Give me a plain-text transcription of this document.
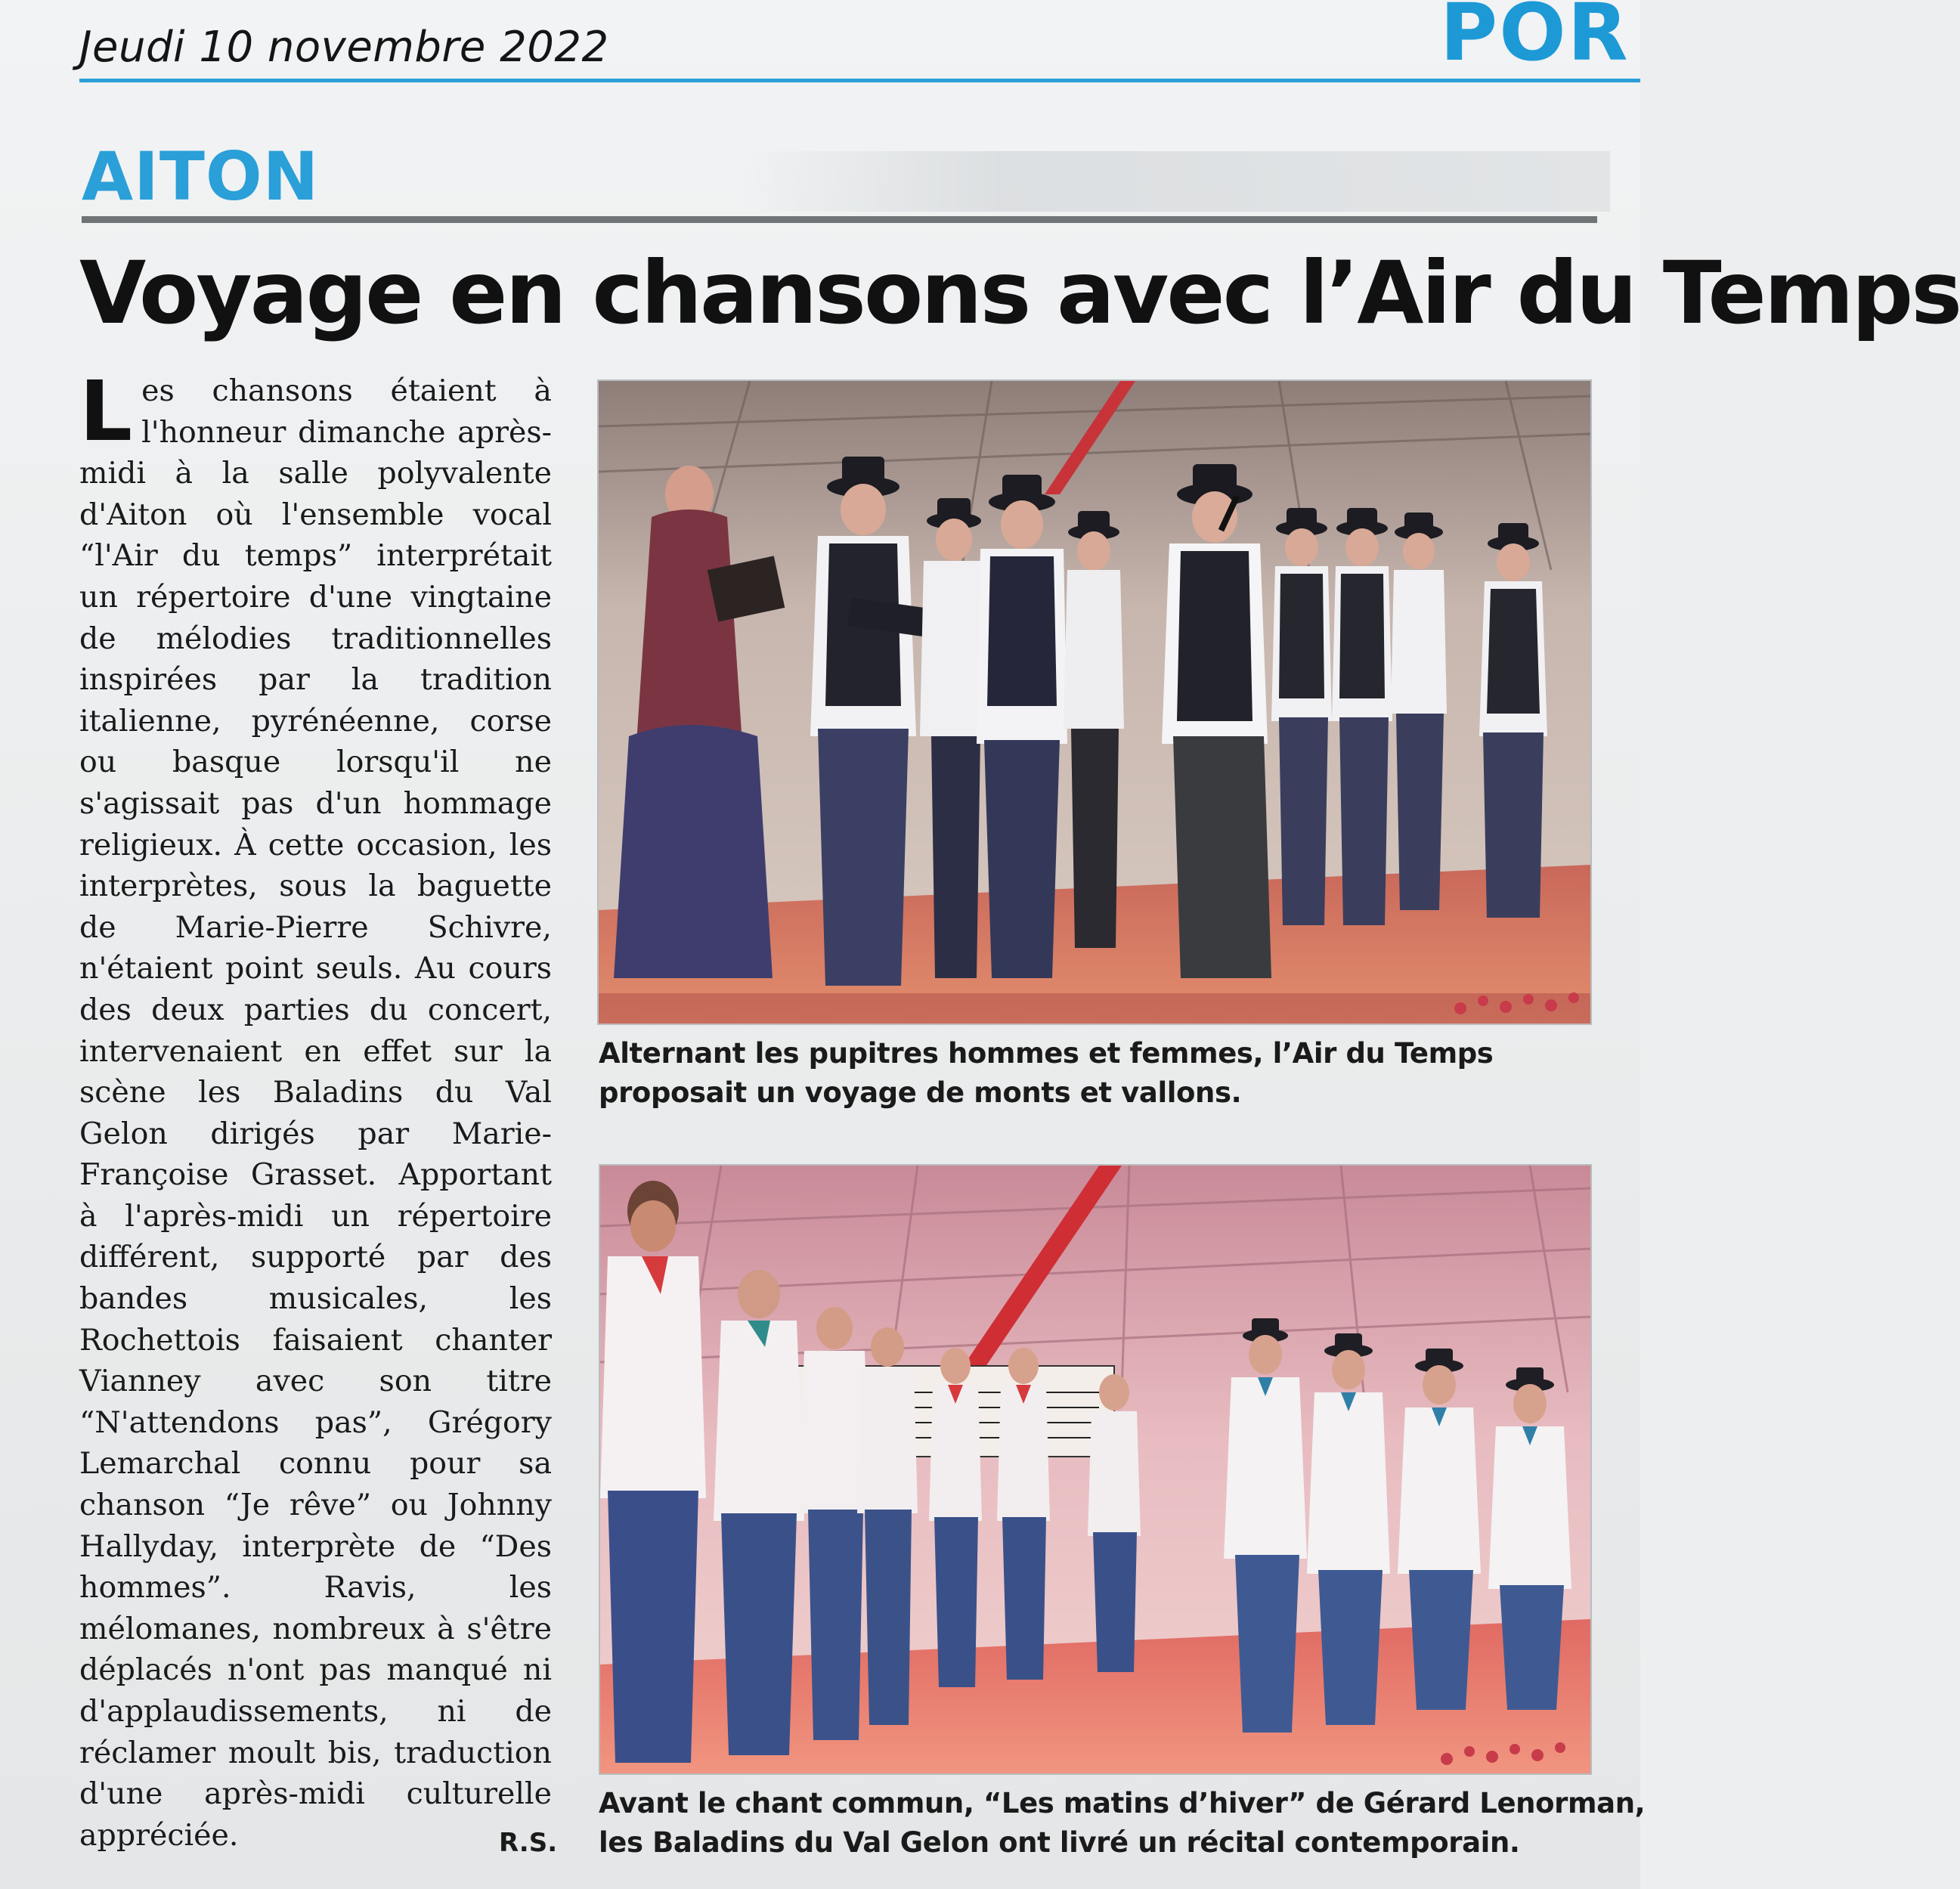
Jeudi 10 novembre 2022	POR
AITON
Voyage en chansons avec l’Air du Temps

Les chansons étaient à l'honneur dimanche après-midi à la salle polyvalente d'Aiton où l'ensemble vocal “l'Air du temps” interprétait un répertoire d'une vingtaine de mélodies traditionnelles inspirées par la tradition italienne, pyrénéenne, corse ou basque lorsqu'il ne s'agissait pas d'un hommage religieux. À cette occasion, les interprètes, sous la baguette de Marie-Pierre Schivre, n'étaient point seuls. Au cours des deux parties du concert, intervenaient en effet sur la scène les Baladins du Val Gelon dirigés par Marie-Françoise Grasset. Apportant à l'après-midi un répertoire différent, supporté par des bandes musicales, les Rochettois faisaient chanter Vianney avec son titre “N'attendons pas”, Grégory Lemarchal connu pour sa chanson “Je rêve” ou Johnny Hallyday, interprète de “Des hommes”. Ravis, les mélomanes, nombreux à s'être déplacés n'ont pas manqué ni d'applaudissements, ni de réclamer moult bis, traduction d'une après-midi culturelle appréciée.	R.S.
Alternant les pupitres hommes et femmes, l’Air du Temps
proposait un voyage de monts et vallons.
Avant le chant commun, “Les matins d’hiver” de Gérard Lenorman,
les Baladins du Val Gelon ont livré un récital contemporain.
